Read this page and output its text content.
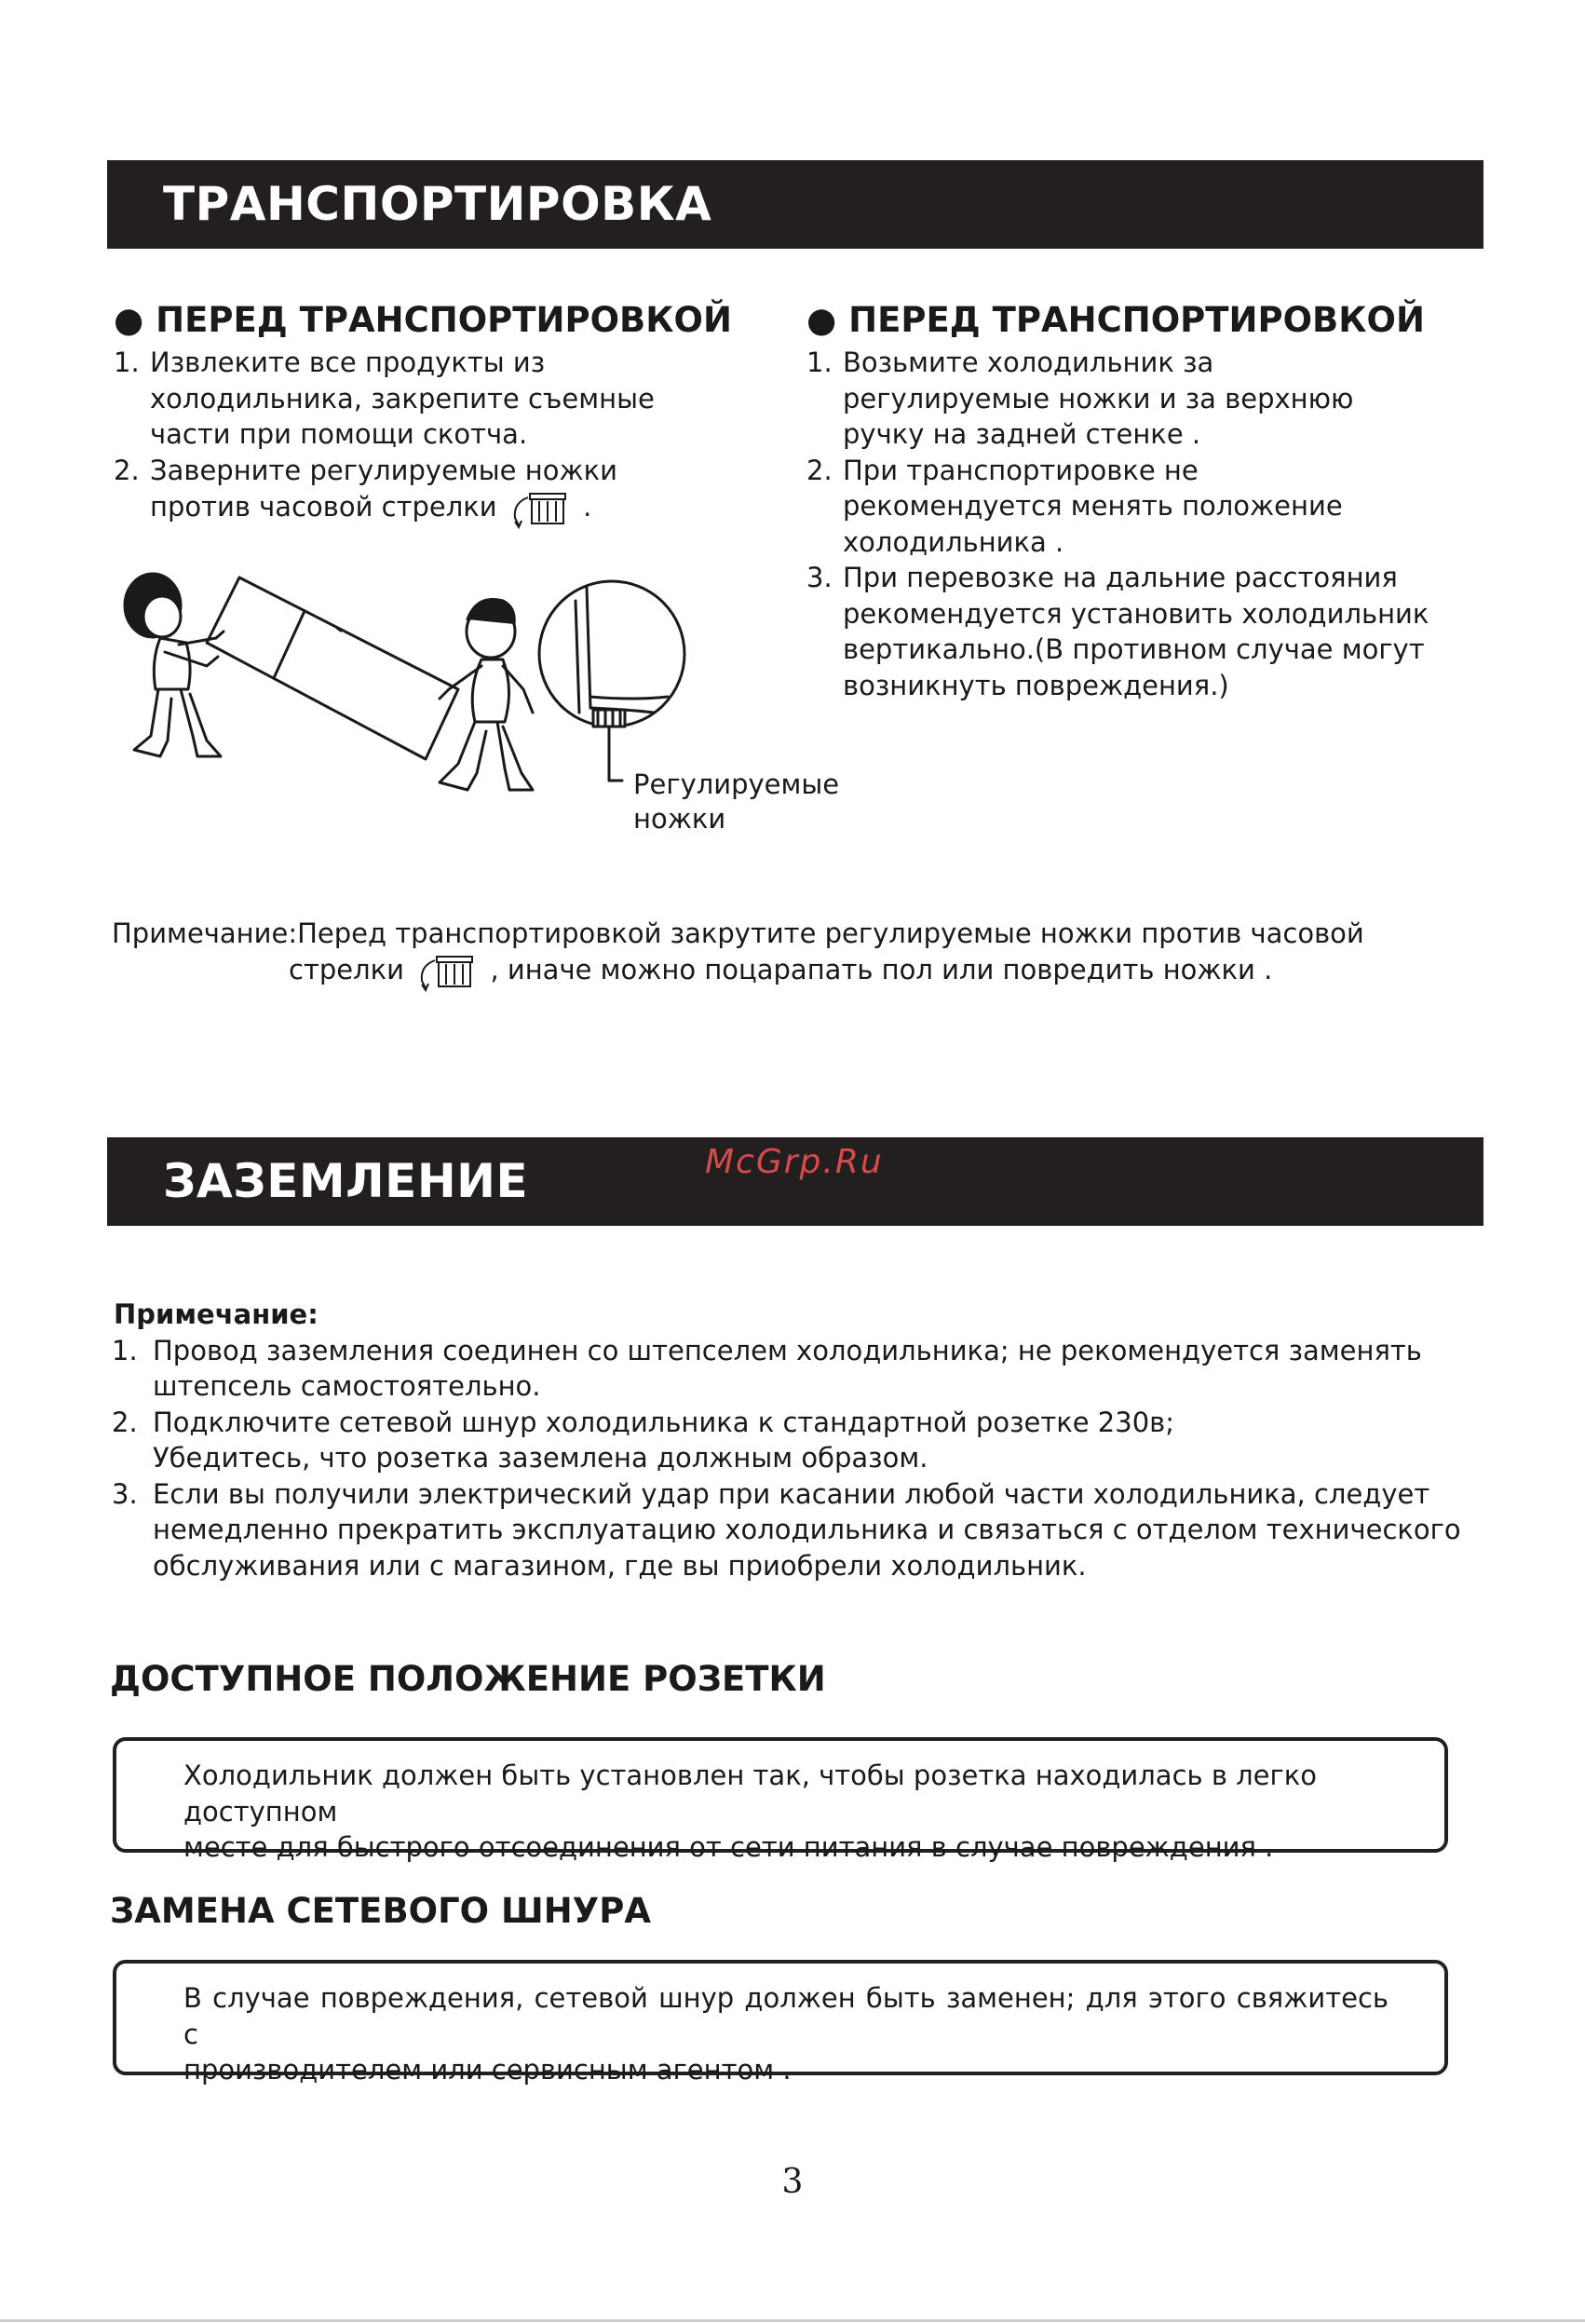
ТРАНСПОРТИРОВКА
● ПЕРЕД ТРАНСПОРТИРОВКОЙ
1. Извлеките все продукты из
холодильника, закрепите съемные
части при помощи скотча.
2. Заверните регулируемые ножки
против часовой стрелки	.
● ПЕРЕД ТРАНСПОРТИРОВКОЙ
1. Возьмите холодильник за
регулируемые ножки и за верхнюю
ручку на задней стенке .
2. При транспортировке не
рекомендуется менять положение
холодильника .
3. При перевозке на дальние расстояния
рекомендуется установить холодильник
вертикально.(В противном случае могут
возникнуть повреждения.)
Регулируемые
ножки
Примечание:Перед транспортировкой закрутите регулируемые ножки против часовой
стрелки	, иначе можно поцарапать пол или повредить ножки .
ЗАЗЕМЛЕНИЕ	McGrp.Ru
Примечание:
1. Провод заземления соединен со штепселем холодильника; не рекомендуется заменять
штепсель самостоятельно.
2. Подключите сетевой шнур холодильника к стандартной розетке 230в;
Убедитесь, что розетка заземлена должным образом.
3. Если вы получили электрический удар при касании любой части холодильника, следует
немедленно прекратить эксплуатацию холодильника и связаться с отделом технического
обслуживания или с магазином, где вы приобрели холодильник.
ДОСТУПНОЕ ПОЛОЖЕНИЕ РОЗЕТКИ
Холодильник должен быть установлен так, чтобы розетка находилась в легко доступном
месте для быстрого отсоединения от сети питания в случае повреждения .
ЗАМЕНА СЕТЕВОГО ШНУРА
В случае повреждения, сетевой шнур должен быть заменен; для этого свяжитесь с
производителем или сервисным агентом .
3
